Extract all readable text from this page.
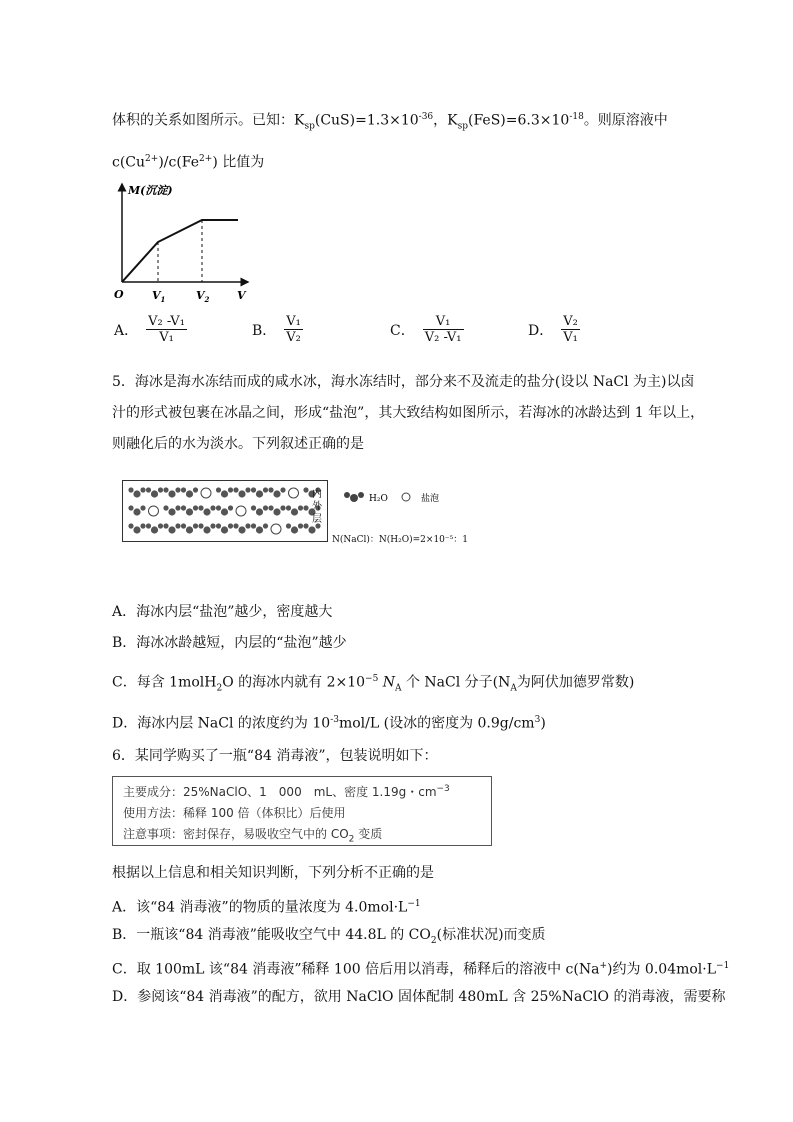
体积的关系如图所示。已知：$K_{sp}(CuS)=1.3\times 10^{-36}$，$K_{sp}(FeS)=6.3\times 10^{-18}$。则原溶液中
$c(Cu^{2+})/c(Fe^{2+})$ 比值为
M(沉淀)
O	$V_1$	$V_2$	V
A． $\frac{\text{V₂ -V₁}}{\text{V₁}}$	B． $\frac{\text{V₁}}{\text{V₂}}$	C． $\frac{\text{V₁}}{\text{V₂ -V₁}}$	D． $\frac{\text{V₂}}{\text{V₁}}$
5．海冰是海水冻结而成的咸水冰，海水冻结时，部分来不及流走的盐分(设以 NaCl 为主)以卤
汁的形式被包裹在冰晶之间，形成“盐泡”，其大致结构如图所示，若海冰的冰龄达到 1 年以上，
则融化后的水为淡水。下列叙述正确的是
内
外
层
H₂O	盐泡
N(NaCl)：N(H₂O)=2×10⁻⁵：1
A．海冰内层“盐泡”越少，密度越大
B．海冰冰龄越短，内层的“盐泡”越少
C．每含 1molH$_2$O 的海冰内就有 $2\times 10^{-5}$ $N_A$ 个 NaCl 分子($N_A$为阿伏加德罗常数)
D．海冰内层 NaCl 的浓度约为 $10^{-3}mol/L$ (设冰的密度为 $0.9g/cm^3$)
6．某同学购买了一瓶“84 消毒液”，包装说明如下：
主要成分：25%NaClO、1　000　mL、密度 1.19g・$cm^{-3}$
使用方法：稀释 100 倍（体积比）后使用
注意事项：密封保存，易吸收空气中的 $CO_2$ 变质
根据以上信息和相关知识判断，下列分析不正确的是
A．该“84 消毒液”的物质的量浓度为 $4.0mol\cdot L^{-1}$
B．一瓶该“84 消毒液”能吸收空气中 44.8L 的 $CO_2$(标准状况)而变质
C．取 100mL 该“84 消毒液”稀释 100 倍后用以消毒，稀释后的溶液中 c(Na+)约为 $0.04mol\cdot L^{-1}$
D．参阅该“84 消毒液”的配方，欲用 NaClO 固体配制 480mL 含 25%NaClO 的消毒液，需要称
